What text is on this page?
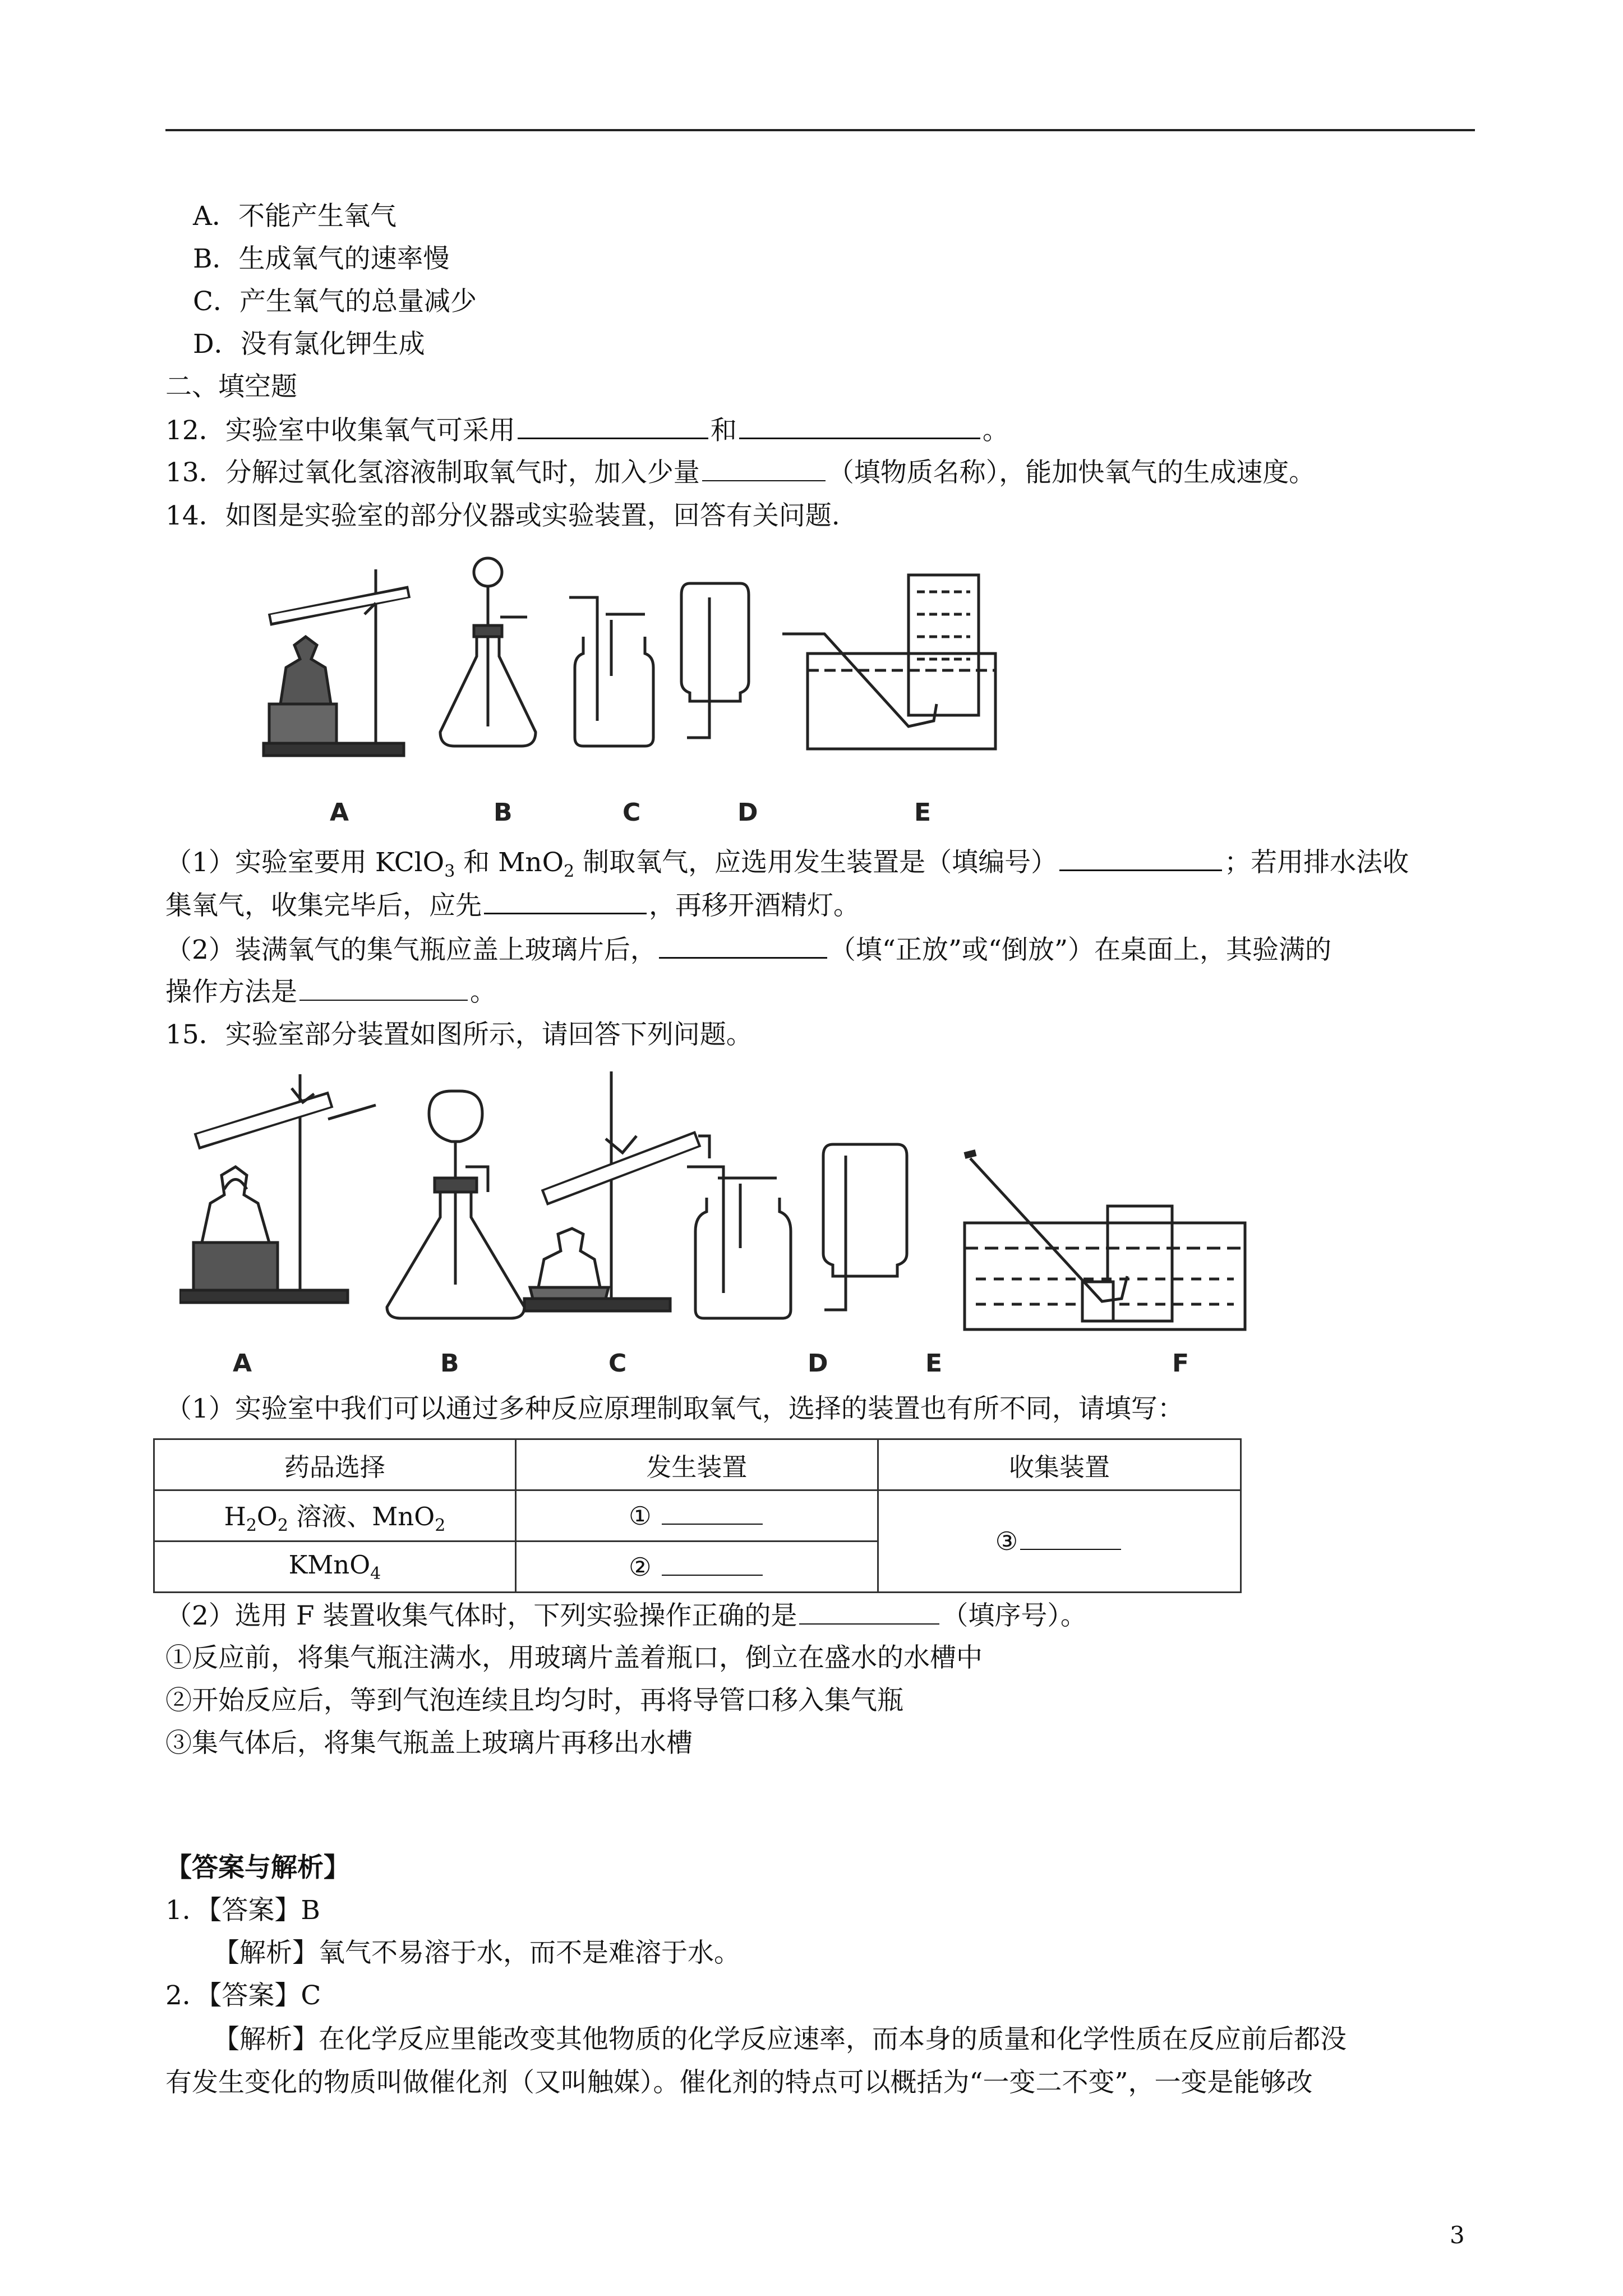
A．不能产生氧气
B．生成氧气的速率慢
C．产生氧气的总量减少
D．没有氯化钾生成
二、填空题
12．实验室中收集氧气可采用	和	。
13．分解过氧化氢溶液制取氧气时，加入少量	（填物质名称），能加快氧气的生成速度。
14．如图是实验室的部分仪器或实验装置，回答有关问题.
A	B	C	D	E
（1）实验室要用 KClO$_3$ 和 MnO$_2$ 制取氧气，应选用发生装置是（填编号）	；若用排水法收
集氧气，收集完毕后，应先	，再移开酒精灯。
（2）装满氧气的集气瓶应盖上玻璃片后，	（填“正放”或“倒放”）在桌面上，其验满的
操作方法是	。
15．实验室部分装置如图所示，请回答下列问题。
A	B	C	D	E	F
（1）实验室中我们可以通过多种反应原理制取氧气，选择的装置也有所不同，请填写：
药品选择	发生装置	收集装置
$H_2O_2$ 溶液、MnO$_2$	①	③
KMnO$_4$	②	
（2）选用 F 装置收集气体时，下列实验操作正确的是	（填序号）。
①反应前，将集气瓶注满水，用玻璃片盖着瓶口，倒立在盛水的水槽中
②开始反应后，等到气泡连续且均匀时，再将导管口移入集气瓶
③集气体后，将集气瓶盖上玻璃片再移出水槽
【答案与解析】
1．【答案】B
【解析】氧气不易溶于水，而不是难溶于水。
2．【答案】C
【解析】在化学反应里能改变其他物质的化学反应速率，而本身的质量和化学性质在反应前后都没
有发生变化的物质叫做催化剂（又叫触媒）。催化剂的特点可以概括为“一变二不变”，一变是能够改
3
